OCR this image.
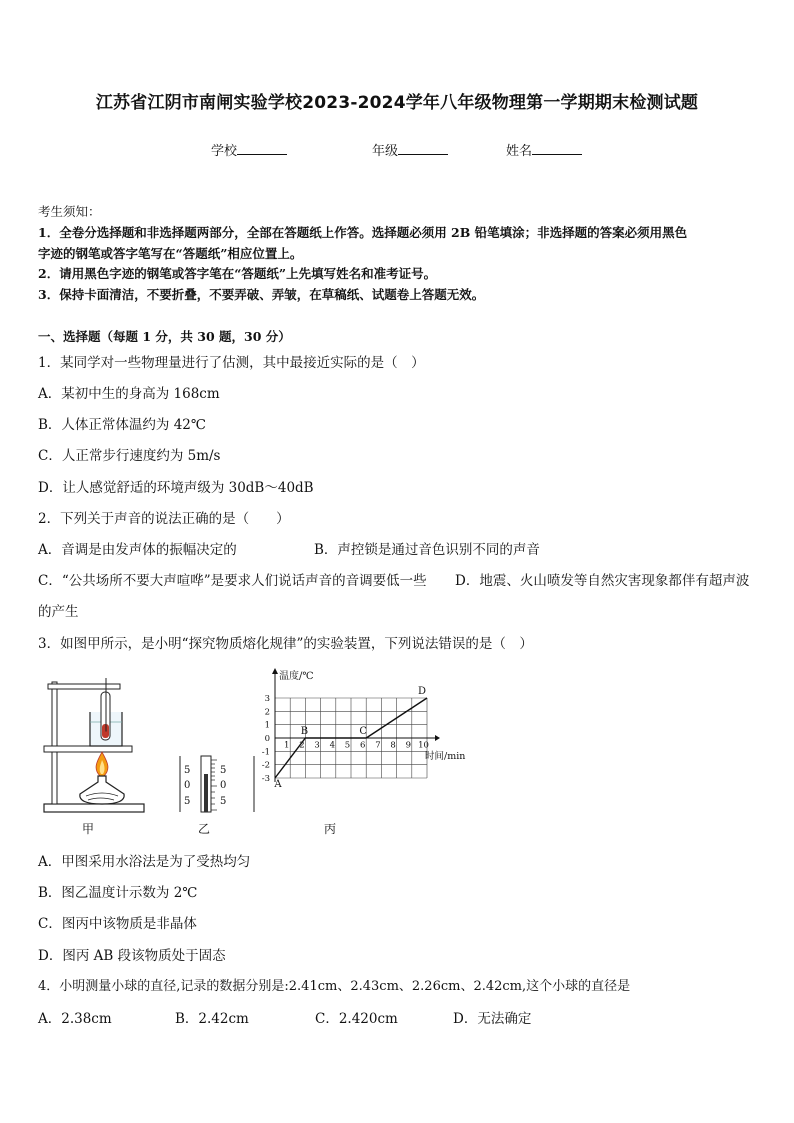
江苏省江阴市南闸实验学校2023-2024学年八年级物理第一学期期末检测试题
学校	年级	姓名
考生须知：
1．全卷分选择题和非选择题两部分，全部在答题纸上作答。选择题必须用 2B 铅笔填涂；非选择题的答案必须用黑色
字迹的钢笔或答字笔写在“答题纸”相应位置上。
2．请用黑色字迹的钢笔或答字笔在“答题纸”上先填写姓名和准考证号。
3．保持卡面清洁，不要折叠，不要弄破、弄皱，在草稿纸、试题卷上答题无效。
一、选择题（每题 1 分，共 30 题，30 分）
1．某同学对一些物理量进行了估测，其中最接近实际的是（　）
A．某初中生的身高为 168cm
B．人体正常体温约为 42℃
C．人正常步行速度约为 5m/s
D．让人感觉舒适的环境声级为 30dB～40dB
2．下列关于声音的说法正确的是（　　）
A．音调是由发声体的振幅决定的	B．声控锁是通过音色识别不同的声音
C．“公共场所不要大声喧哗”是要求人们说话声音的音调要低一些 D．地震、火山喷发等自然灾害现象都伴有超声波
的产生
3．如图甲所示，是小明“探究物质熔化规律”的实验装置，下列说法错误的是（　）
甲
5
0
5
5
0
5
乙
3
2
1
0
-1
-2
-3
1 2 3 4 5 6 7 8 9 10
温度/℃
时间/min
A
B	C
D
丙
A．甲图采用水浴法是为了受热均匀
B．图乙温度计示数为 2℃
C．图丙中该物质是非晶体
D．图丙 AB 段该物质处于固态
4．小明测量小球的直径,记录的数据分别是:2.41cm、2.43cm、2.26cm、2.42cm,这个小球的直径是
A．2.38cm	B．2.42cm	C．2.420cm	D．无法确定
